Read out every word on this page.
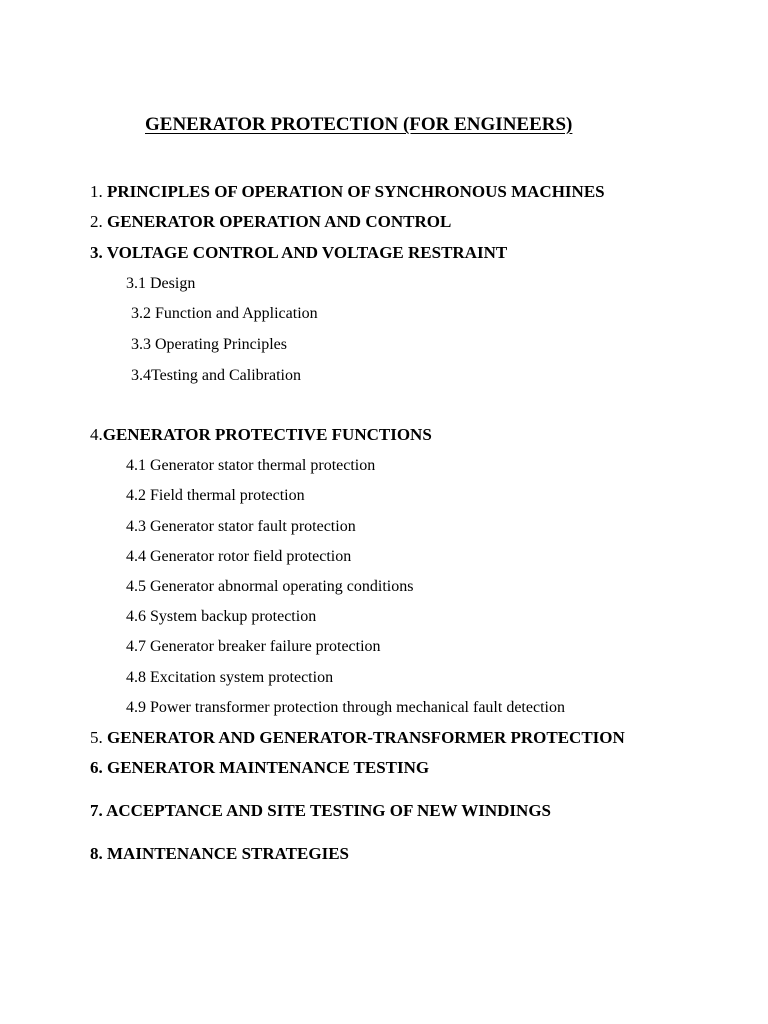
GENERATOR PROTECTION (FOR ENGINEERS)
1. PRINCIPLES OF OPERATION OF SYNCHRONOUS MACHINES
2. GENERATOR OPERATION AND CONTROL
3. VOLTAGE CONTROL AND VOLTAGE RESTRAINT
3.1 Design
3.2 Function and Application
3.3 Operating Principles
3.4Testing and Calibration
4.GENERATOR PROTECTIVE FUNCTIONS
4.1 Generator stator thermal protection
4.2 Field thermal protection
4.3 Generator stator fault protection
4.4 Generator rotor field protection
4.5 Generator abnormal operating conditions
4.6 System backup protection
4.7 Generator breaker failure protection
4.8 Excitation system protection
4.9 Power transformer protection through mechanical fault detection
5. GENERATOR AND GENERATOR-TRANSFORMER PROTECTION
6. GENERATOR MAINTENANCE TESTING
7. ACCEPTANCE AND SITE TESTING OF NEW WINDINGS
8. MAINTENANCE STRATEGIES
